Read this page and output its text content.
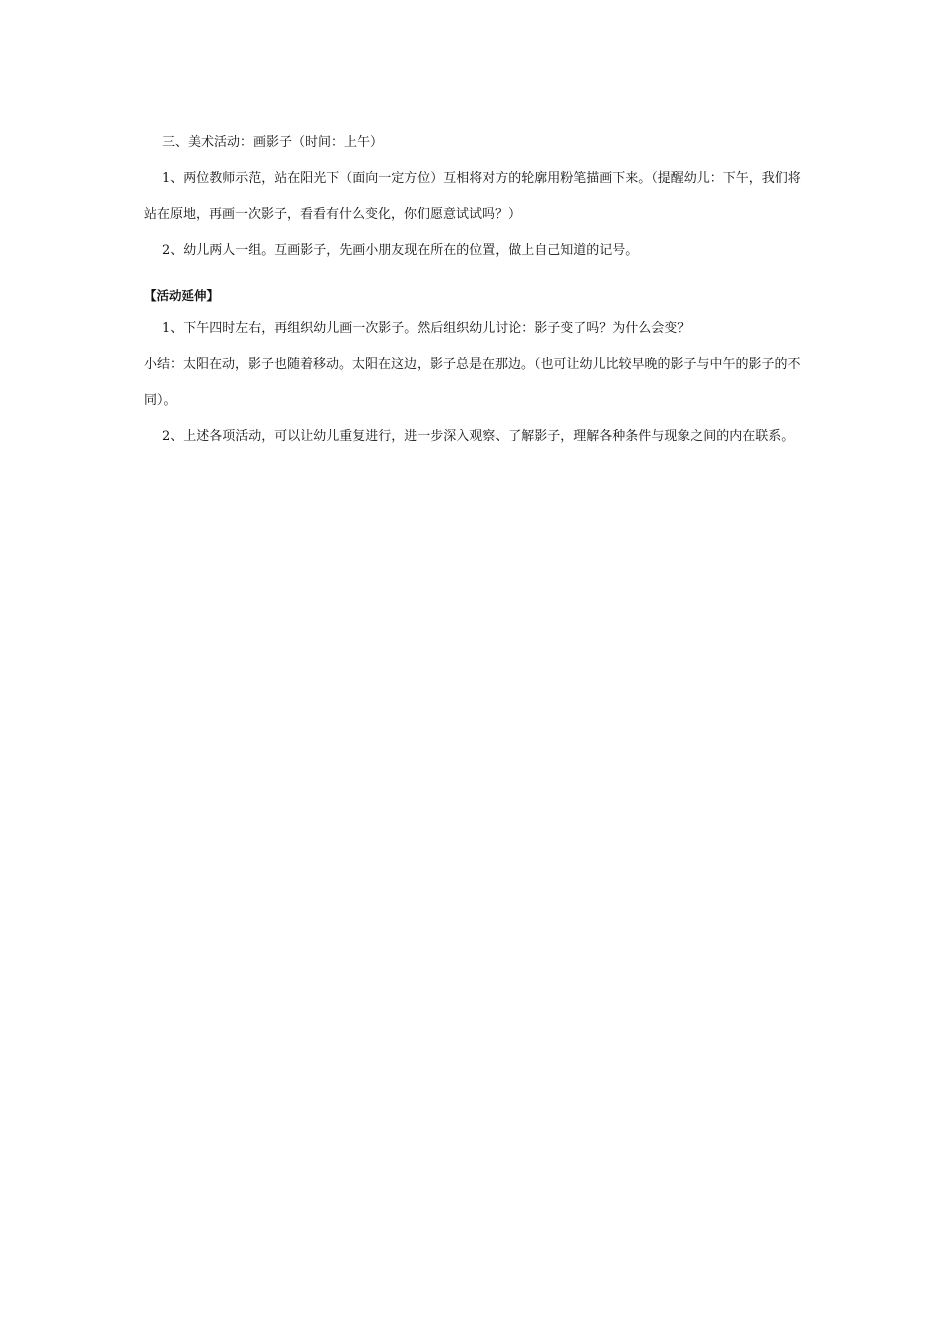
三、美术活动：画影子（时间：上午）

1、两位教师示范，站在阳光下（面向一定方位）互相将对方的轮廓用粉笔描画下来。（提醒幼儿：下午，我们将站在原地，再画一次影子，看看有什么变化，你们愿意试试吗？）

2、幼儿两人一组。互画影子，先画小朋友现在所在的位置，做上自己知道的记号。

【活动延伸】

1、下午四时左右，再组织幼儿画一次影子。然后组织幼儿讨论：影子变了吗？为什么会变？

小结：太阳在动，影子也随着移动。太阳在这边，影子总是在那边。（也可让幼儿比较早晚的影子与中午的影子的不同）。

2、上述各项活动，可以让幼儿重复进行，进一步深入观察、了解影子，理解各种条件与现象之间的内在联系。
